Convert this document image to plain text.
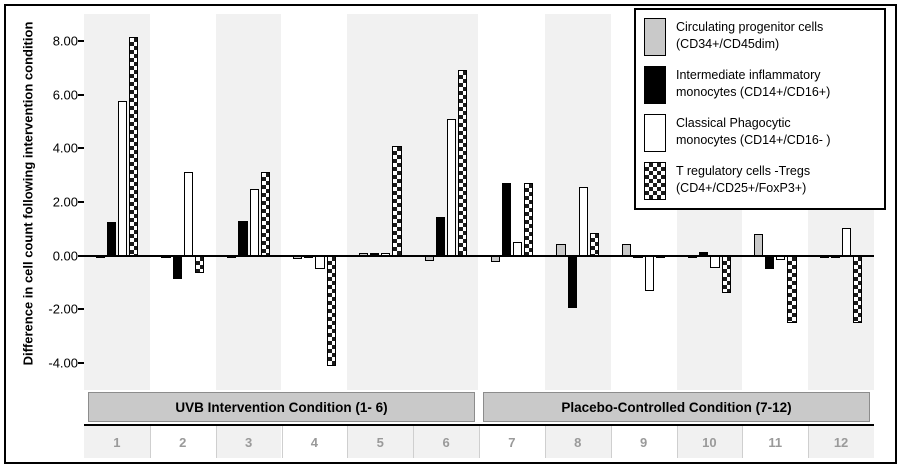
Difference in cell count following intervention condition -4.00
-2.00
0.00
2.00
4.00
6.00
8.00
UVB Intervention Condition (1- 6)	Placebo-Controlled Condition (7-12)
1	2	3	4	5	6	7	8	9	10	11	12
Circulating progenitor cells
(CD34+/CD45dim)
Intermediate inflammatory
monocytes (CD14+/CD16+)
Classical Phagocytic
monocytes (CD14+/CD16- )
T regulatory cells -Tregs
(CD4+/CD25+/FoxP3+)
